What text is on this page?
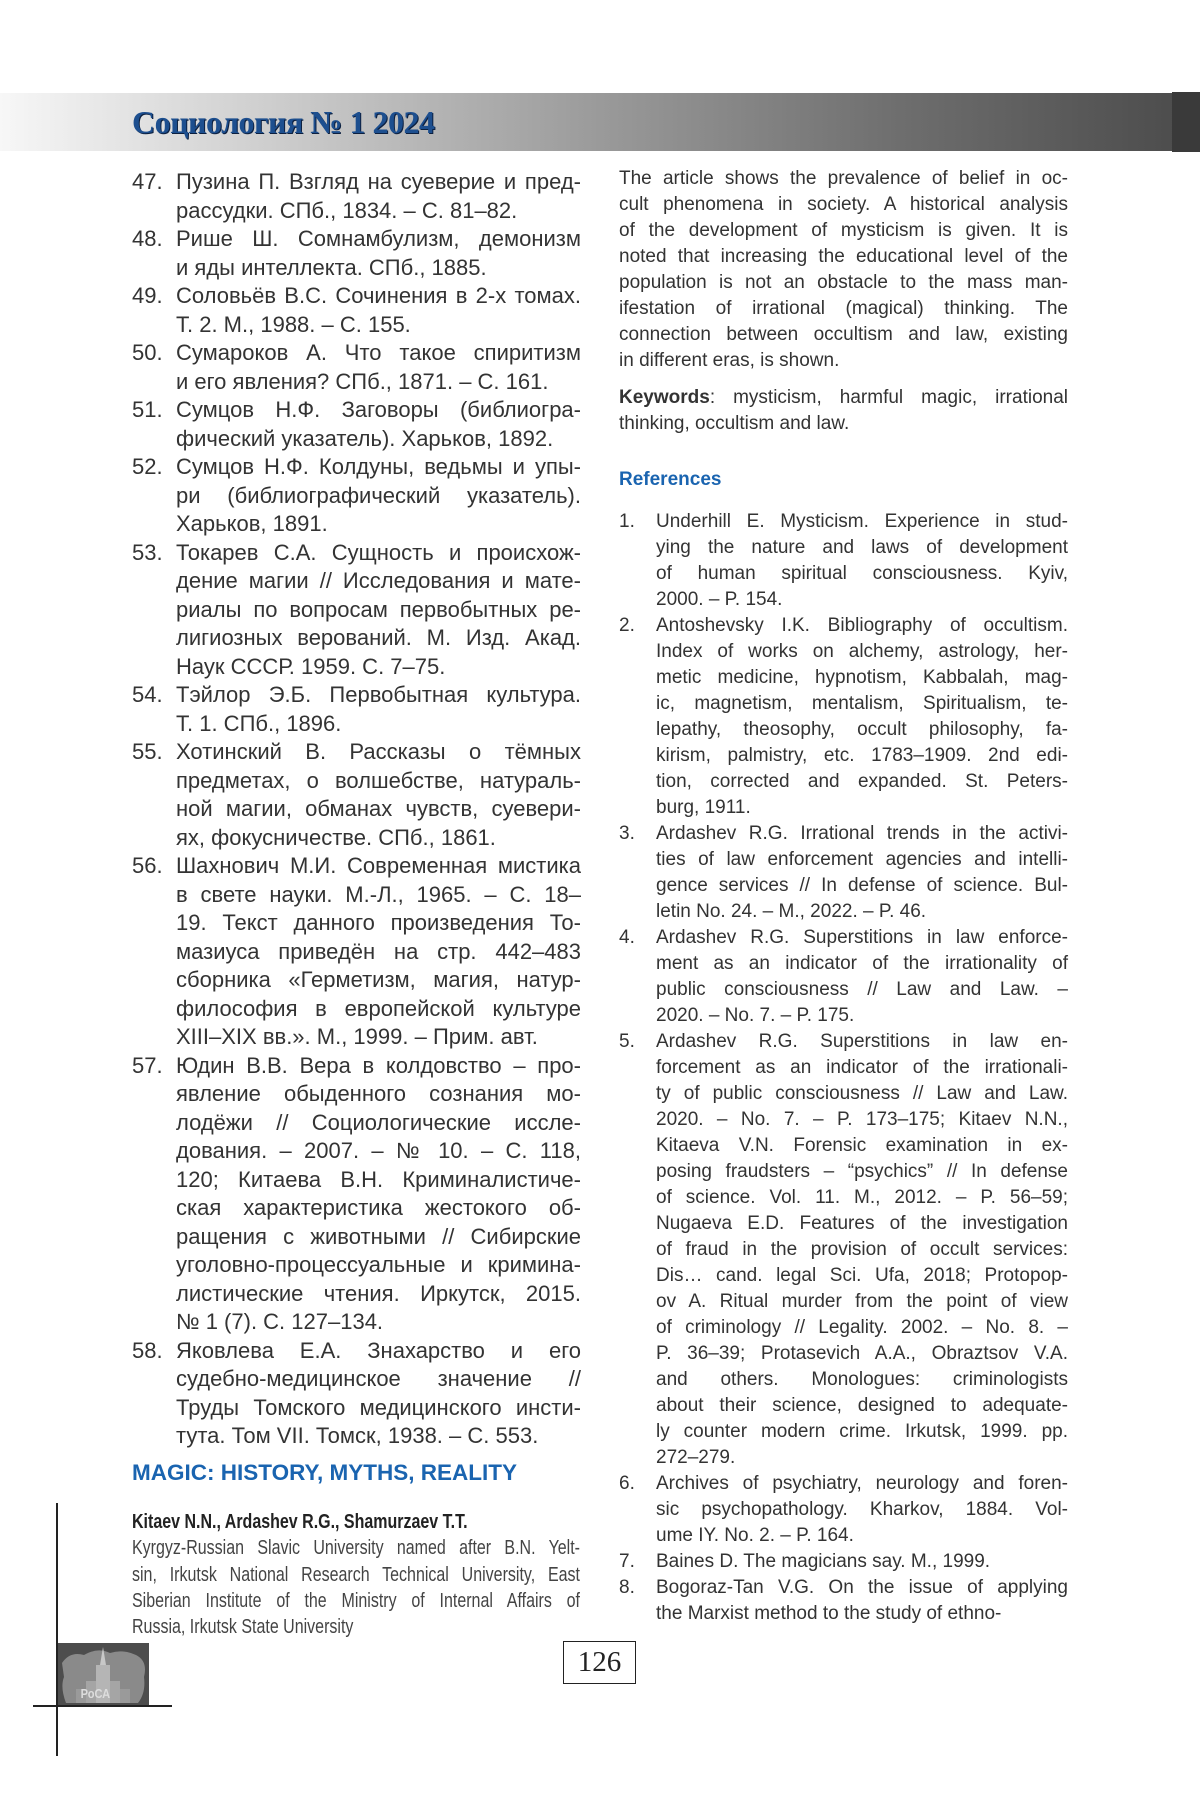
Социология № 1 2024
47. Пузина П. Взгляд на суеверие и пред-
рассудки. СПб., 1834. – С. 81–82.
48. Рише Ш. Сомнамбулизм, демонизм
и яды интеллекта. СПб., 1885.
49. Соловьёв В.С. Сочинения в 2-х томах.
Т. 2. М., 1988. – С. 155.
50. Сумароков А. Что такое спиритизм
и его явления? СПб., 1871. – С. 161.
51. Сумцов Н.Ф. Заговоры (библиогра-
фический указатель). Харьков, 1892.
52. Сумцов Н.Ф. Колдуны, ведьмы и упы-
ри (библиографический указатель).
Харьков, 1891.
53. Токарев С.А. Сущность и происхож-
дение магии // Исследования и мате-
риалы по вопросам первобытных ре-
лигиозных верований. М. Изд. Акад.
Наук СССР. 1959. С. 7–75.
54. Тэйлор Э.Б. Первобытная культура.
Т. 1. СПб., 1896.
55. Хотинский В. Рассказы о тёмных
предметах, о волшебстве, натураль-
ной магии, обманах чувств, суевери-
ях, фокусничестве. СПб., 1861.
56. Шахнович М.И. Современная мистика
в свете науки. М.-Л., 1965. – С. 18–
19. Текст данного произведения То-
мазиуса приведён на стр. 442–483
сборника «Герметизм, магия, натур-
философия в европейской культуре
XIII–XIX вв.». М., 1999. – Прим. авт.
57. Юдин В.В. Вера в колдовство – про-
явление обыденного сознания мо-
лодёжи // Социологические иссле-
дования. – 2007. – № 10. – С. 118,
120; Китаева В.Н. Криминалистиче-
ская характеристика жестокого об-
ращения с животными // Сибирские
уголовно-процессуальные и кримина-
листические чтения. Иркутск, 2015.
№ 1 (7). С. 127–134.
58. Яковлева Е.А. Знахарство и его
судебно-медицинское значение //
Труды Томского медицинского инсти-
тута. Том VII. Томск, 1938. – С. 553.
MAGIC: HISTORY, MYTHS, REALITY
Kitaev N.N., Ardashev R.G., Shamurzaev T.T.
Kyrgyz-Russian Slavic University named after B.N. Yelt-
sin, Irkutsk National Research Technical University, East
Siberian Institute of the Ministry of Internal Affairs of
Russia, Irkutsk State University
The article shows the prevalence of belief in oc-
cult phenomena in society. A historical analysis
of the development of mysticism is given. It is
noted that increasing the educational level of the
population is not an obstacle to the mass man-
ifestation of irrational (magical) thinking. The
connection between occultism and law, existing
in different eras, is shown.
Keywords: mysticism, harmful magic, irrational
thinking, occultism and law.
References
1. Underhill E. Mysticism. Experience in stud-
ying the nature and laws of development
of human spiritual consciousness. Kyiv,
2000. – P. 154.
2. Antoshevsky I.K. Bibliography of occultism.
Index of works on alchemy, astrology, her-
metic medicine, hypnotism, Kabbalah, mag-
ic, magnetism, mentalism, Spiritualism, te-
lepathy, theosophy, occult philosophy, fa-
kirism, palmistry, etc. 1783–1909. 2nd edi-
tion, corrected and expanded. St. Peters-
burg, 1911.
3. Ardashev R.G. Irrational trends in the activi-
ties of law enforcement agencies and intelli-
gence services // In defense of science. Bul-
letin No. 24. – M., 2022. – P. 46.
4. Ardashev R.G. Superstitions in law enforce-
ment as an indicator of the irrationality of
public consciousness // Law and Law. –
2020. – No. 7. – P. 175.
5. Ardashev R.G. Superstitions in law en-
forcement as an indicator of the irrationali-
ty of public consciousness // Law and Law.
2020. – No. 7. – P. 173–175; Kitaev N.N.,
Kitaeva V.N. Forensic examination in ex-
posing fraudsters – “psychics” // In defense
of science. Vol. 11. M., 2012. – P. 56–59;
Nugaeva E.D. Features of the investigation
of fraud in the provision of occult services:
Dis… cand. legal Sci. Ufa, 2018; Protopop-
ov A. Ritual murder from the point of view
of criminology // Legality. 2002. – No. 8. –
P. 36–39; Protasevich A.A., Obraztsov V.A.
and others. Monologues: criminologists
about their science, designed to adequate-
ly counter modern crime. Irkutsk, 1999. pp.
272–279.
6. Archives of psychiatry, neurology and foren-
sic psychopathology. Kharkov, 1884. Vol-
ume IY. No. 2. – P. 164.
7. Baines D. The magicians say. M., 1999.
8. Bogoraz-Tan V.G. On the issue of applying
the Marxist method to the study of ethno-
РоСА
126
